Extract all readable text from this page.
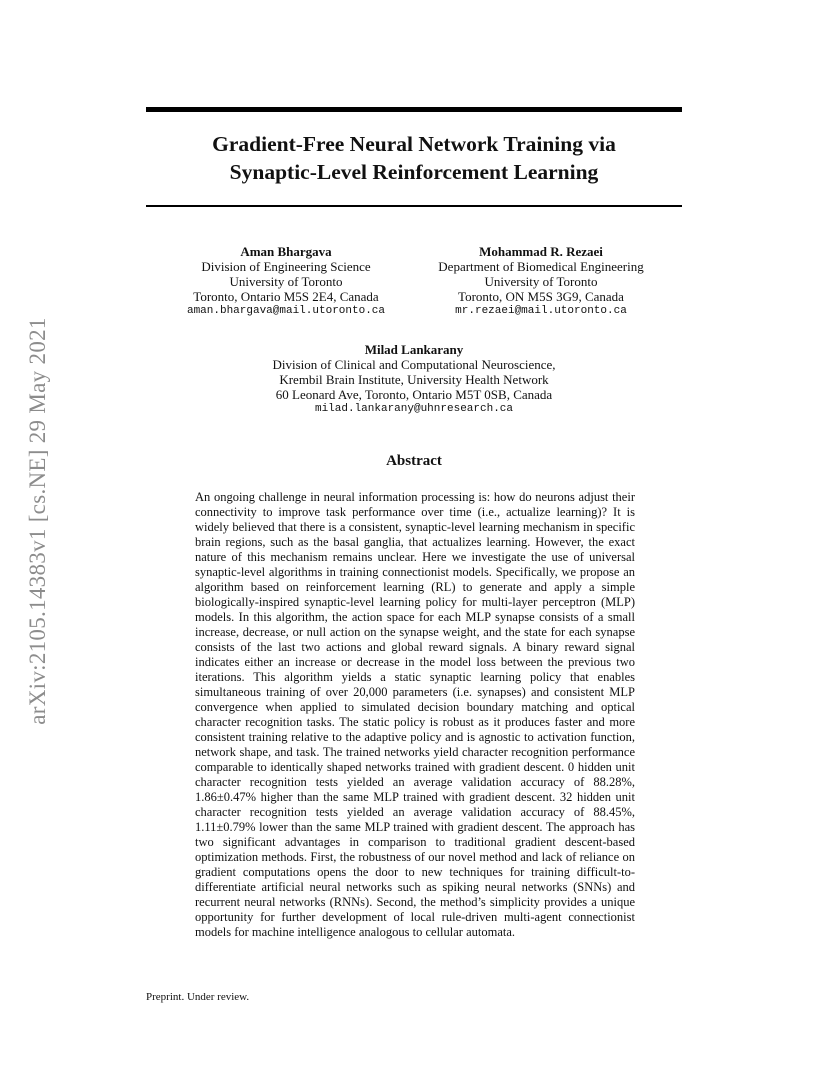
arXiv:2105.14383v1 [cs.NE] 29 May 2021
Gradient-Free Neural Network Training via
Synaptic-Level Reinforcement Learning
Aman Bhargava
Division of Engineering Science
University of Toronto
Toronto, Ontario M5S 2E4, Canada
aman.bhargava@mail.utoronto.ca
Mohammad R. Rezaei
Department of Biomedical Engineering
University of Toronto
Toronto, ON M5S 3G9, Canada
mr.rezaei@mail.utoronto.ca
Milad Lankarany
Division of Clinical and Computational Neuroscience,
Krembil Brain Institute, University Health Network
60 Leonard Ave, Toronto, Ontario M5T 0SB, Canada
milad.lankarany@uhnresearch.ca
Abstract

An ongoing challenge in neural information processing is: how do neurons adjust their connectivity to improve task performance over time (i.e., actualize learning)? It is widely believed that there is a consistent, synaptic-level learning mechanism in specific brain regions, such as the basal ganglia, that actualizes learning. However, the exact nature of this mechanism remains unclear. Here we investigate the use of universal synaptic-level algorithms in training connectionist models. Specifically, we propose an algorithm based on reinforcement learning (RL) to generate and apply a simple biologically-inspired synaptic-level learning policy for multi-layer perceptron (MLP) models. In this algorithm, the action space for each MLP synapse consists of a small increase, decrease, or null action on the synapse weight, and the state for each synapse consists of the last two actions and global reward signals. A binary reward signal indicates either an increase or decrease in the model loss between the previous two iterations. This algorithm yields a static synaptic learning policy that enables simultaneous training of over 20,000 parameters (i.e. synapses) and consistent MLP convergence when applied to simulated decision boundary matching and optical character recognition tasks. The static policy is robust as it produces faster and more consistent training relative to the adaptive policy and is agnostic to activation function, network shape, and task. The trained networks yield character recognition performance comparable to identically shaped networks trained with gradient descent. 0 hidden unit character recognition tests yielded an average validation accuracy of 88.28%, 1.86±0.47% higher than the same MLP trained with gradient descent. 32 hidden unit character recognition tests yielded an average validation accuracy of 88.45%, 1.11±0.79% lower than the same MLP trained with gradient descent. The approach has two significant advantages in comparison to traditional gradient descent-based optimization methods. First, the robustness of our novel method and lack of reliance on gradient computations opens the door to new techniques for training difficult-to-differentiate artificial neural networks such as spiking neural networks (SNNs) and recurrent neural networks (RNNs). Second, the method’s simplicity provides a unique opportunity for further development of local rule-driven multi-agent connectionist models for machine intelligence analogous to cellular automata.

Preprint. Under review.
